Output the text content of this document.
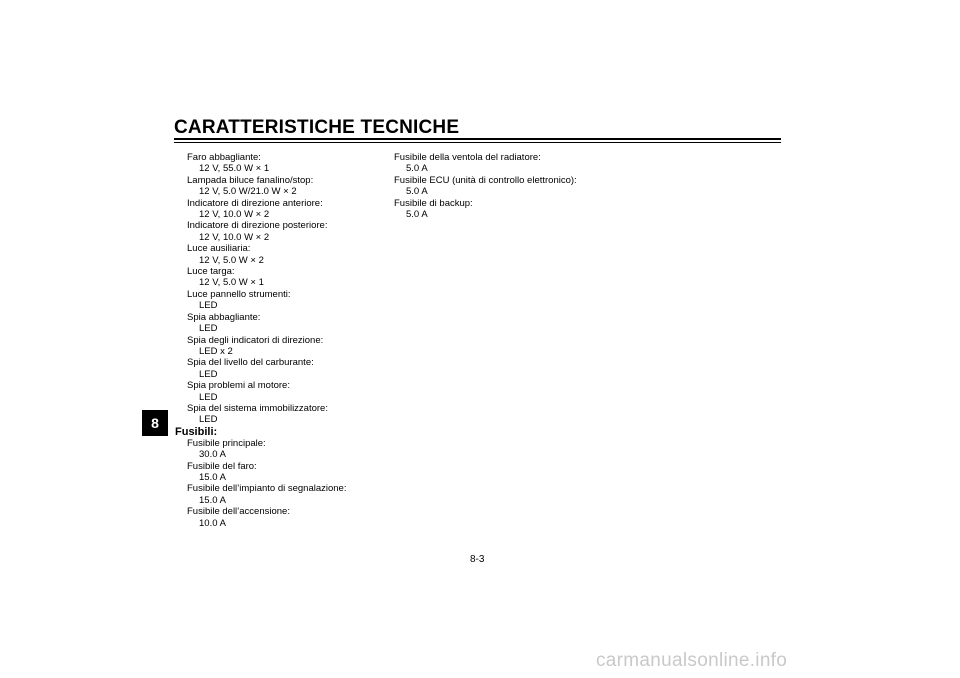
CARATTERISTICHE TECNICHE
8
Faro abbagliante:
12 V, 55.0 W × 1
Lampada biluce fanalino/stop:
12 V, 5.0 W/21.0 W × 2
Indicatore di direzione anteriore:
12 V, 10.0 W × 2
Indicatore di direzione posteriore:
12 V, 10.0 W × 2
Luce ausiliaria:
12 V, 5.0 W × 2
Luce targa:
12 V, 5.0 W × 1
Luce pannello strumenti:
LED
Spia abbagliante:
LED
Spia degli indicatori di direzione:
LED x 2
Spia del livello del carburante:
LED
Spia problemi al motore:
LED
Spia del sistema immobilizzatore:
LED
Fusibili:
Fusibile principale:
30.0 A
Fusibile del faro:
15.0 A
Fusibile dell’impianto di segnalazione:
15.0 A
Fusibile dell’accensione:
10.0 A
Fusibile della ventola del radiatore:
5.0 A
Fusibile ECU (unità di controllo elettronico):
5.0 A
Fusibile di backup:
5.0 A
8-3
carmanualsonline.info
